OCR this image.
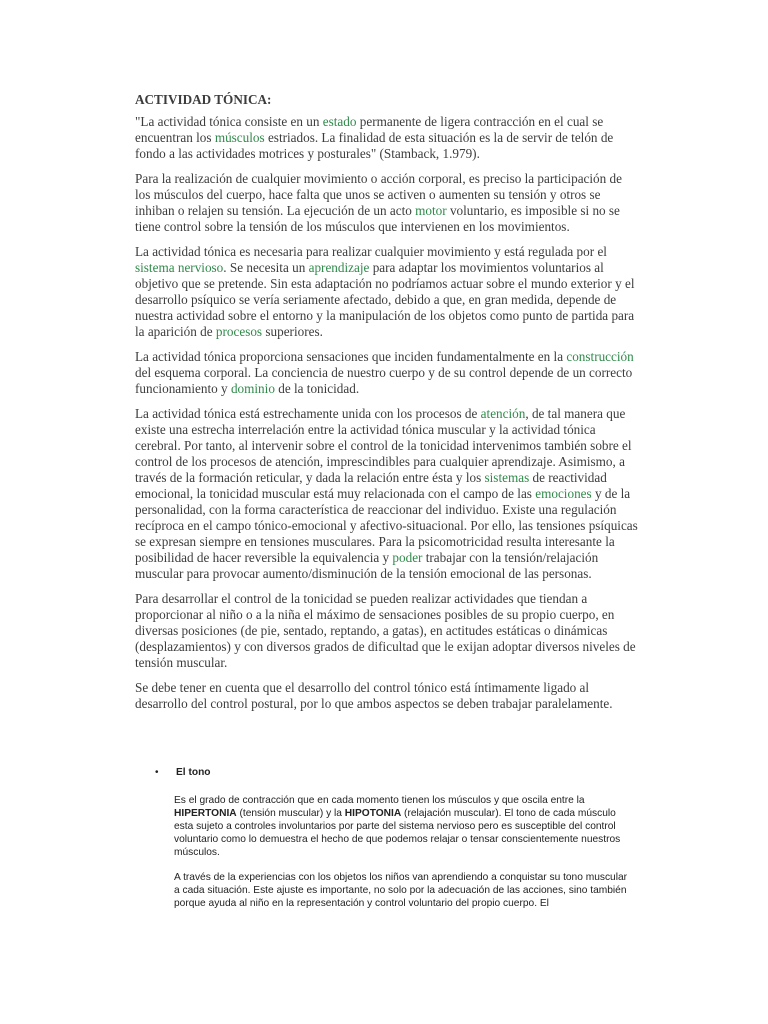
ACTIVIDAD TÓNICA:

"La actividad tónica consiste en un estado permanente de ligera contracción en el cual se encuentran los músculos estriados. La finalidad de esta situación es la de servir de telón de fondo a las actividades motrices y posturales" (Stamback, 1.979).

Para la realización de cualquier movimiento o acción corporal, es preciso la participación de los músculos del cuerpo, hace falta que unos se activen o aumenten su tensión y otros se inhiban o relajen su tensión. La ejecución de un acto motor voluntario, es imposible si no se tiene control sobre la tensión de los músculos que intervienen en los movimientos.

La actividad tónica es necesaria para realizar cualquier movimiento y está regulada por el sistema nervioso. Se necesita un aprendizaje para adaptar los movimientos voluntarios al objetivo que se pretende. Sin esta adaptación no podríamos actuar sobre el mundo exterior y el desarrollo psíquico se vería seriamente afectado, debido a que, en gran medida, depende de nuestra actividad sobre el entorno y la manipulación de los objetos como punto de partida para la aparición de procesos superiores.

La actividad tónica proporciona sensaciones que inciden fundamentalmente en la construcción del esquema corporal. La conciencia de nuestro cuerpo y de su control depende de un correcto funcionamiento y dominio de la tonicidad.

La actividad tónica está estrechamente unida con los procesos de atención, de tal manera que existe una estrecha interrelación entre la actividad tónica muscular y la actividad tónica cerebral. Por tanto, al intervenir sobre el control de la tonicidad intervenimos también sobre el control de los procesos de atención, imprescindibles para cualquier aprendizaje. Asimismo, a través de la formación reticular, y dada la relación entre ésta y los sistemas de reactividad emocional, la tonicidad muscular está muy relacionada con el campo de las emociones y de la personalidad, con la forma característica de reaccionar del individuo. Existe una regulación recíproca en el campo tónico-emocional y afectivo-situacional. Por ello, las tensiones psíquicas se expresan siempre en tensiones musculares. Para la psicomotricidad resulta interesante la posibilidad de hacer reversible la equivalencia y poder trabajar con la tensión/relajación muscular para provocar aumento/disminución de la tensión emocional de las personas.

Para desarrollar el control de la tonicidad se pueden realizar actividades que tiendan a proporcionar al niño o a la niña el máximo de sensaciones posibles de su propio cuerpo, en diversas posiciones (de pie, sentado, reptando, a gatas), en actitudes estáticas o dinámicas (desplazamientos) y con diversos grados de dificultad que le exijan adoptar diversos niveles de tensión muscular.

Se debe tener en cuenta que el desarrollo del control tónico está íntimamente ligado al desarrollo del control postural, por lo que ambos aspectos se deben trabajar paralelamente.

• El tono

Es el grado de contracción que en cada momento tienen los músculos y que oscila entre la HIPERTONIA (tensión muscular) y la HIPOTONIA (relajación muscular). El tono de cada músculo esta sujeto a controles involuntarios por parte del sistema nervioso pero es susceptible del control voluntario como lo demuestra el hecho de que podemos relajar o tensar conscientemente nuestros músculos.

A través de la experiencias con los objetos los niños van aprendiendo a conquistar su tono muscular a cada situación. Este ajuste es importante, no solo por la adecuación de las acciones, sino también porque ayuda al niño en la representación y control voluntario del propio cuerpo. El
